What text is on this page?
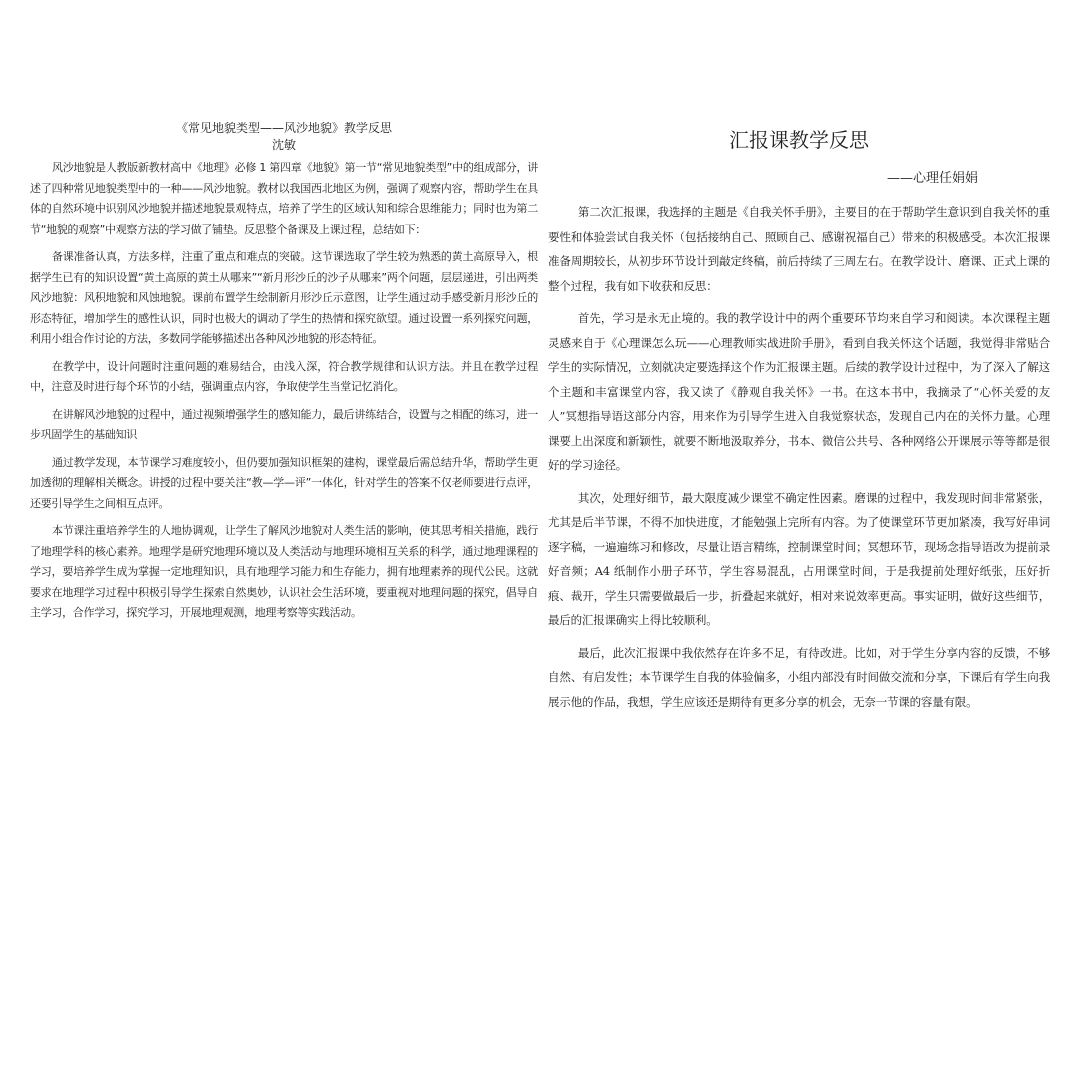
《常见地貌类型——风沙地貌》教学反思
沈敏

风沙地貌是人教版新教材高中《地理》必修 1 第四章《地貌》第一节“常见地貌类型”中的组成部分，讲述了四种常见地貌类型中的一种——风沙地貌。教材以我国西北地区为例，强调了观察内容，帮助学生在具体的自然环境中识别风沙地貌并描述地貌景观特点，培养了学生的区域认知和综合思维能力；同时也为第二节“地貌的观察”中观察方法的学习做了铺垫。反思整个备课及上课过程，总结如下：

备课准备认真，方法多样，注重了重点和难点的突破。这节课选取了学生较为熟悉的黄土高原导入，根据学生已有的知识设置“黄土高原的黄土从哪来”“新月形沙丘的沙子从哪来”两个问题，层层递进，引出两类风沙地貌：风积地貌和风蚀地貌。课前布置学生绘制新月形沙丘示意图，让学生通过动手感受新月形沙丘的形态特征，增加学生的感性认识，同时也极大的调动了学生的热情和探究欲望。通过设置一系列探究问题，利用小组合作讨论的方法，多数同学能够描述出各种风沙地貌的形态特征。

在教学中，设计问题时注重问题的难易结合，由浅入深，符合教学规律和认识方法。并且在教学过程中，注意及时进行每个环节的小结，强调重点内容，争取使学生当堂记忆消化。

在讲解风沙地貌的过程中，通过视频增强学生的感知能力，最后讲练结合，设置与之相配的练习，进一步巩固学生的基础知识

通过教学发现，本节课学习难度较小，但仍要加强知识框架的建构，课堂最后需总结升华，帮助学生更加透彻的理解相关概念。讲授的过程中要关注“教—学—评”一体化，针对学生的答案不仅老师要进行点评，还要引导学生之间相互点评。

本节课注重培养学生的人地协调观，让学生了解风沙地貌对人类生活的影响，使其思考相关措施，践行了地理学科的核心素养。地理学是研究地理环境以及人类活动与地理环境相互关系的科学，通过地理课程的学习，要培养学生成为掌握一定地理知识，具有地理学习能力和生存能力，拥有地理素养的现代公民。这就要求在地理学习过程中积极引导学生探索自然奥妙，认识社会生活环境，要重视对地理问题的探究，倡导自主学习，合作学习，探究学习，开展地理观测，地理考察等实践活动。

汇报课教学反思
——心理任娟娟

第二次汇报课，我选择的主题是《自我关怀手册》，主要目的在于帮助学生意识到自我关怀的重要性和体验尝试自我关怀（包括接纳自己、照顾自己、感谢祝福自己）带来的积极感受。本次汇报课准备周期较长，从初步环节设计到敲定终稿，前后持续了三周左右。在教学设计、磨课、正式上课的整个过程，我有如下收获和反思：

首先，学习是永无止境的。我的教学设计中的两个重要环节均来自学习和阅读。本次课程主题灵感来自于《心理课怎么玩——心理教师实战进阶手册》，看到自我关怀这个话题，我觉得非常贴合学生的实际情况，立刻就决定要选择这个作为汇报课主题。后续的教学设计过程中，为了深入了解这个主题和丰富课堂内容，我又读了《静观自我关怀》一书。在这本书中，我摘录了“心怀关爱的友人”冥想指导语这部分内容，用来作为引导学生进入自我觉察状态，发现自己内在的关怀力量。心理课要上出深度和新颖性，就要不断地汲取养分，书本、微信公共号、各种网络公开课展示等等都是很好的学习途径。

其次，处理好细节，最大限度减少课堂不确定性因素。磨课的过程中，我发现时间非常紧张，尤其是后半节课，不得不加快进度，才能勉强上完所有内容。为了使课堂环节更加紧凑，我写好串词逐字稿，一遍遍练习和修改，尽量让语言精练，控制课堂时间；冥想环节，现场念指导语改为提前录好音频；A4 纸制作小册子环节，学生容易混乱，占用课堂时间，于是我提前处理好纸张，压好折痕、裁开，学生只需要做最后一步，折叠起来就好，相对来说效率更高。事实证明，做好这些细节，最后的汇报课确实上得比较顺利。

最后，此次汇报课中我依然存在许多不足，有待改进。比如，对于学生分享内容的反馈，不够自然、有启发性；本节课学生自我的体验偏多，小组内部没有时间做交流和分享，下课后有学生向我展示他的作品，我想，学生应该还是期待有更多分享的机会，无奈一节课的容量有限。
